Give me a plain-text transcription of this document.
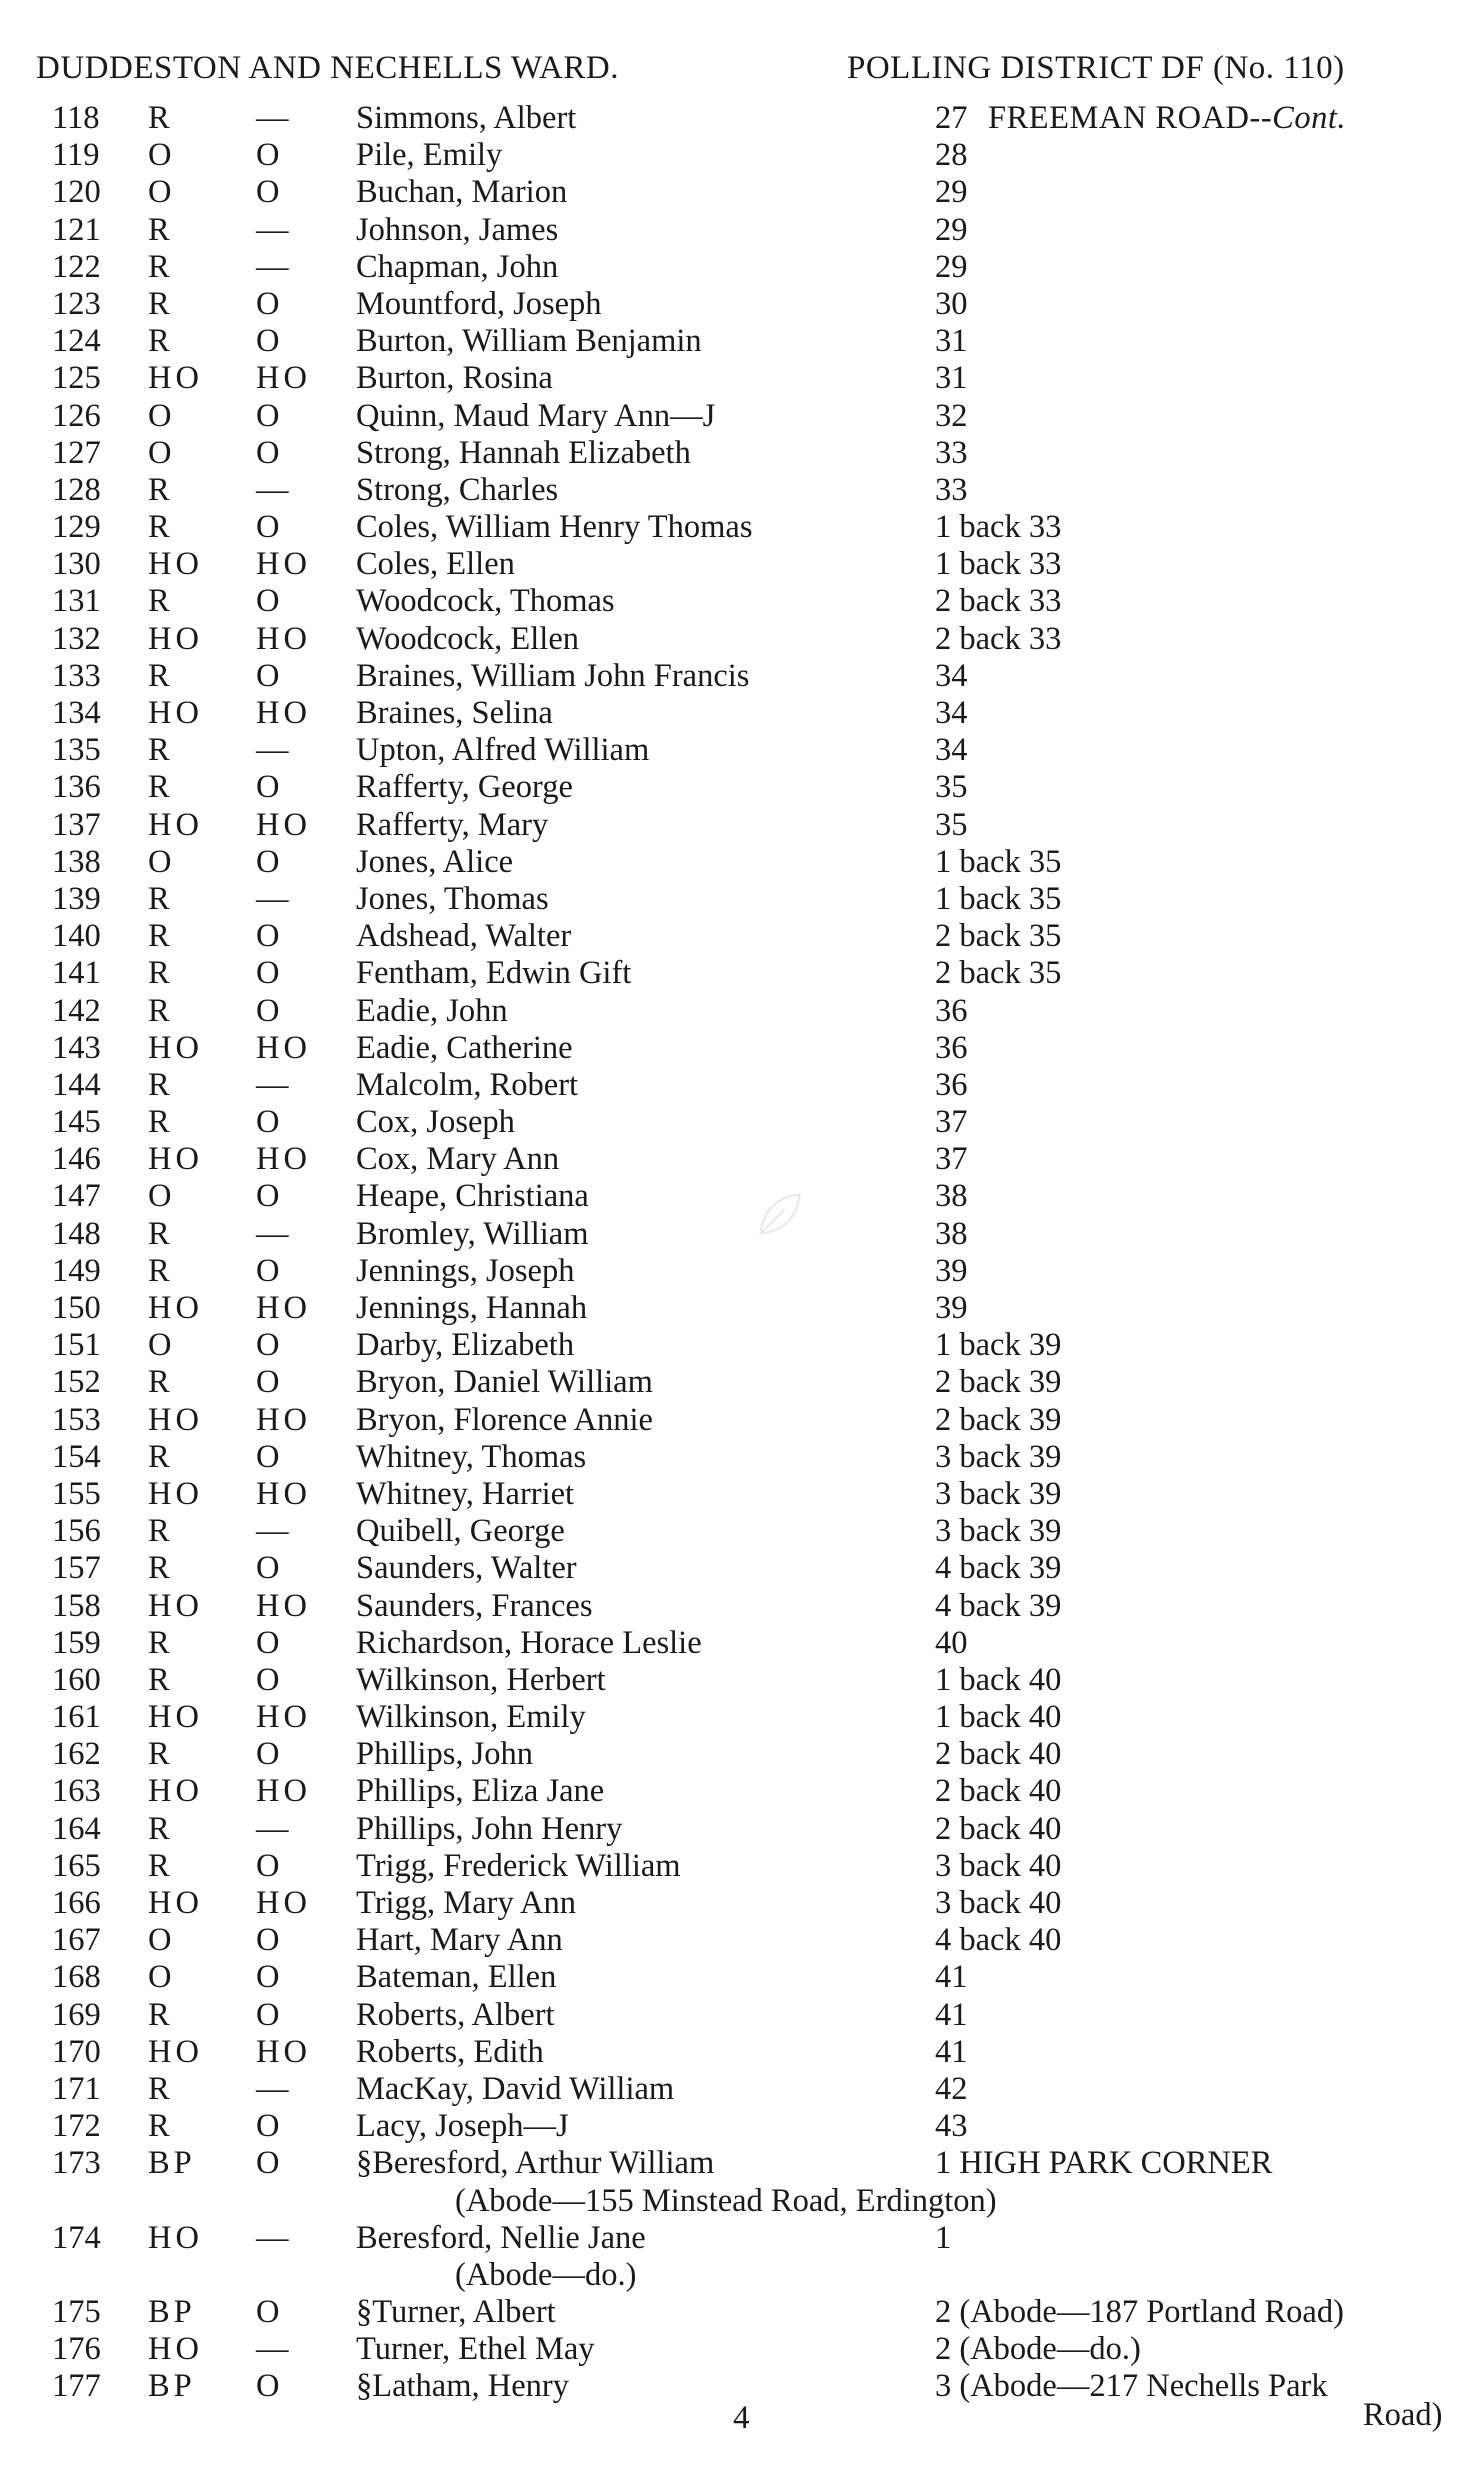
DUDDESTON AND NECHELLS WARD.	POLLING DISTRICT DF (No. 110)
118 R	— Simmons, Albert	27 FREEMAN ROAD--Cont.
119 O O Pile, Emily	28
120 O O Buchan, Marion	29
121 R	— Johnson, James	29
122 R	— Chapman, John	29
123 R	O Mountford, Joseph	30
124 R	O Burton, William Benjamin	31
125 HO HO Burton, Rosina	31
126 O O Quinn, Maud Mary Ann—J	32
127 O O Strong, Hannah Elizabeth	33
128 R	— Strong, Charles	33
129 R	O Coles, William Henry Thomas	1 back 33
130 HO HO Coles, Ellen	1 back 33
131 R	O Woodcock, Thomas	2 back 33
132 HO HO Woodcock, Ellen	2 back 33
133 R	O Braines, William John Francis	34
134 HO HO Braines, Selina	34
135 R	— Upton, Alfred William	34
136 R	O Rafferty, George	35
137 HO HO Rafferty, Mary	35
138 O O Jones, Alice	1 back 35
139 R	— Jones, Thomas	1 back 35
140 R	O Adshead, Walter	2 back 35
141 R	O Fentham, Edwin Gift	2 back 35
142 R	O Eadie, John	36
143 HO HO Eadie, Catherine	36
144 R	— Malcolm, Robert	36
145 R	O Cox, Joseph	37
146 HO HO Cox, Mary Ann	37
147 O O Heape, Christiana	38
148 R	— Bromley, William	38
149 R	O Jennings, Joseph	39
150 HO HO Jennings, Hannah	39
151 O O Darby, Elizabeth	1 back 39
152 R	O Bryon, Daniel William	2 back 39
153 HO HO Bryon, Florence Annie	2 back 39
154 R	O Whitney, Thomas	3 back 39
155 HO HO Whitney, Harriet	3 back 39
156 R	— Quibell, George	3 back 39
157 R	O Saunders, Walter	4 back 39
158 HO HO Saunders, Frances	4 back 39
159 R	O Richardson, Horace Leslie	40
160 R	O Wilkinson, Herbert	1 back 40
161 HO HO Wilkinson, Emily	1 back 40
162 R	O Phillips, John	2 back 40
163 HO HO Phillips, Eliza Jane	2 back 40
164 R	— Phillips, John Henry	2 back 40
165 R	O Trigg, Frederick William	3 back 40
166 HO HO Trigg, Mary Ann	3 back 40
167 O O Hart, Mary Ann	4 back 40
168 O O Bateman, Ellen	41
169 R	O Roberts, Albert	41
170 HO HO Roberts, Edith	41
171 R	— MacKay, David William	42
172 R	O Lacy, Joseph—J	43
173 BP O §Beresford, Arthur William	1 HIGH PARK CORNER
(Abode—155 Minstead Road, Erdington)
174 HO — Beresford, Nellie Jane	1
(Abode—do.)
175 BP O §Turner, Albert	2 (Abode—187 Portland Road)
176 HO — Turner, Ethel May	2 (Abode—do.)
177 BP O §Latham, Henry	3 (Abode—217 Nechells Park
Road)
4
